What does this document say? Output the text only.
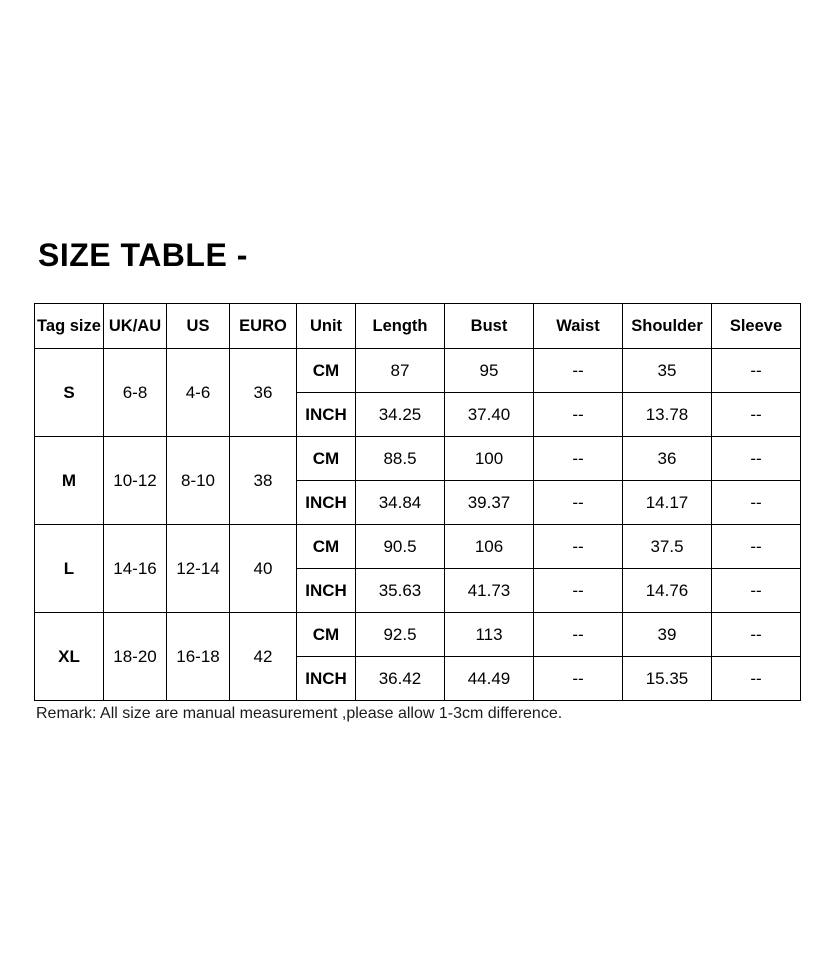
SIZE TABLE -
Tag size	UK/AU	US	EURO	Unit	Length	Bust	Waist	Shoulder	Sleeve
S	6-8	4-6	36	CM	87	95	--	35	--
				INCH	34.25	37.40	--	13.78	--
M	10-12	8-10	38	CM	88.5	100	--	36	--
				INCH	34.84	39.37	--	14.17	--
L	14-16	12-14	40	CM	90.5	106	--	37.5	--
				INCH	35.63	41.73	--	14.76	--
XL	18-20	16-18	42	CM	92.5	113	--	39	--
				INCH	36.42	44.49	--	15.35	--
Remark: All size are manual measurement ,please allow 1-3cm difference.
